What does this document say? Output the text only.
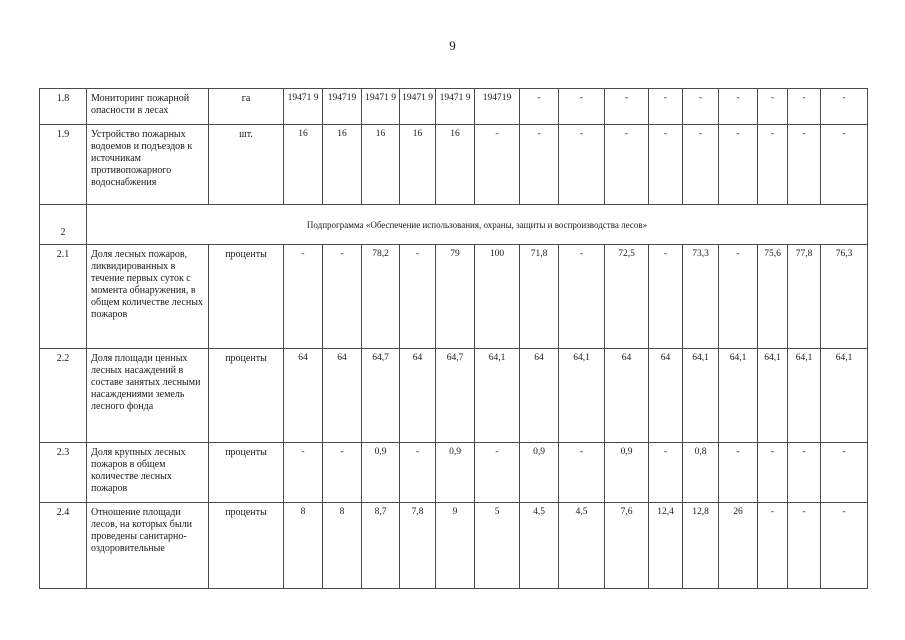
9
1.8	Мониторинг пожарной опасности в лесах	га	19471 9	194719	19471 9	19471 9	19471 9	194719	-	-	-	-	-	-	-	-	-
1.9	Устройство пожарных водоемов и подъездов к источникам противопожарного водоснабжения	шт.	16	16	16	16	16	-	-	-	-	-	-	-	-	-	-
2	Подпрограмма «Обеспечение использования, охраны, защиты и воспроизводства лесов»																
2.1	Доля лесных пожаров, ликвидированных в течение первых суток с момента обнаружения, в общем количестве лесных пожаров	проценты	-	-	78,2	-	79	100	71,8	-	72,5	-	73,3	-	75,6	77,8	76,3
2.2	Доля площади ценных лесных насаждений в составе занятых лесными насаждениями земель лесного фонда	проценты	64	64	64,7	64	64,7	64,1	64	64,1	64	64	64,1	64,1	64,1	64,1	64,1
2.3	Доля крупных лесных пожаров в общем количестве лесных пожаров	проценты	-	-	0,9	-	0,9	-	0,9	-	0,9	-	0,8	-	-	-	-
2.4	Отношение площади лесов, на которых были проведены санитарно-оздоровительные	проценты	8	8	8,7	7,8	9	5	4,5	4,5	7,6	12,4	12,8	26	-	-	-
